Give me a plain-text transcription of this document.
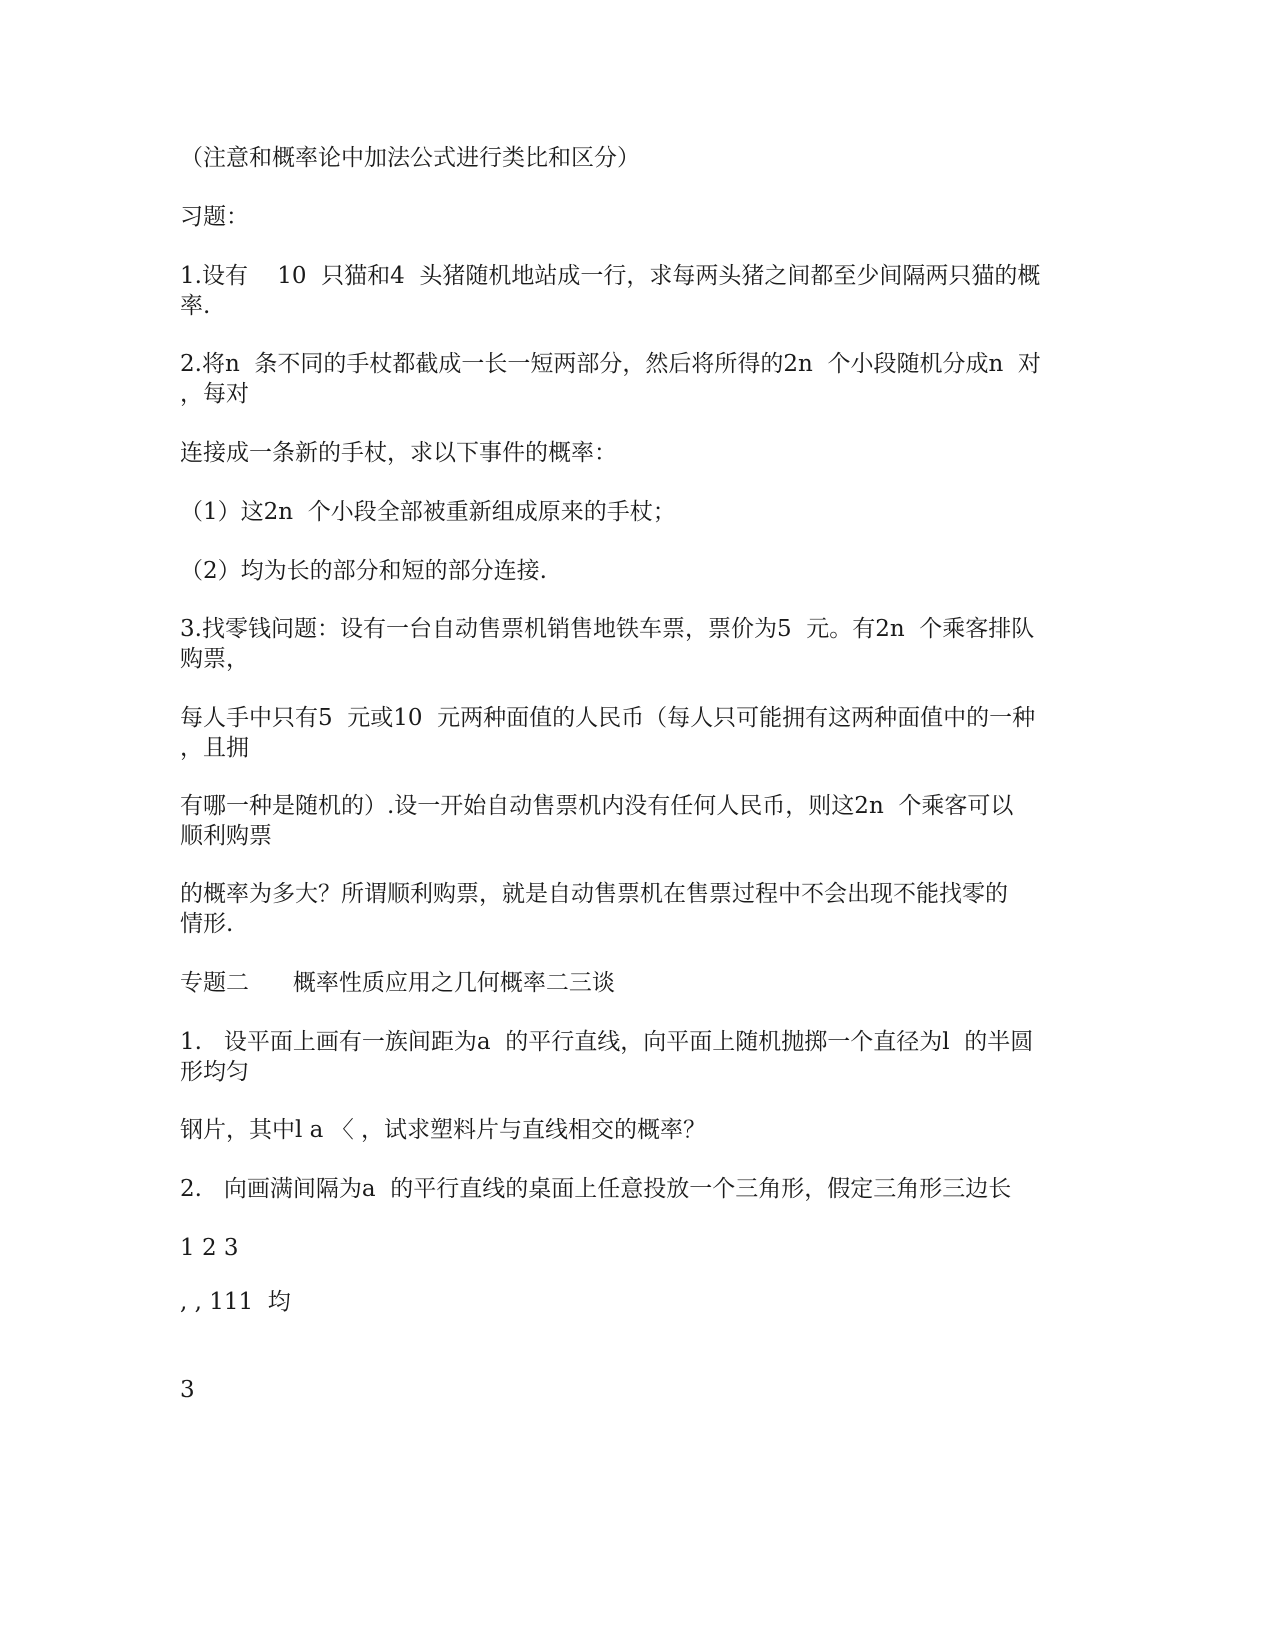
（注意和概率论中加法公式进行类比和区分）
习题：
1.设有    10  只猫和4  头猪随机地站成一行，求每两头猪之间都至少间隔两只猫的概
率.
2.将n  条不同的手杖都截成一长一短两部分，然后将所得的2n  个小段随机分成n  对
，每对
连接成一条新的手杖，求以下事件的概率：
（1）这2n  个小段全部被重新组成原来的手杖；
（2）均为长的部分和短的部分连接.
3.找零钱问题：设有一台自动售票机销售地铁车票，票价为5  元。有2n  个乘客排队
购票，
每人手中只有5  元或10  元两种面值的人民币（每人只可能拥有这两种面值中的一种
，且拥
有哪一种是随机的）.设一开始自动售票机内没有任何人民币，则这2n  个乘客可以
顺利购票
的概率为多大？所谓顺利购票，就是自动售票机在售票过程中不会出现不能找零的
情形.
专题二      概率性质应用之几何概率二三谈
1.   设平面上画有一族间距为a  的平行直线，向平面上随机抛掷一个直径为l  的半圆
形均匀
钢片，其中l a 〈 ，试求塑料片与直线相交的概率？
2.   向画满间隔为a  的平行直线的桌面上任意投放一个三角形，假定三角形三边长
1 2 3
, , 111  均
3
